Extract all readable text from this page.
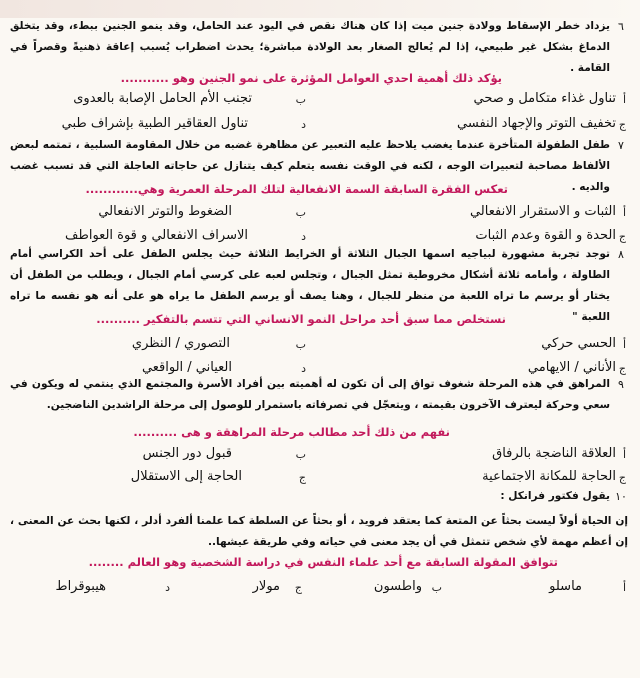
٦
يزداد خطر الإسقاط وولادة جنين ميت إذا كان هناك نقص في اليود عند الحامل، وقد ينمو الجنين ببطء، وقد يتخلق الدماغ بشكل غير طبيعي، إذا لم يُعالج الصغار بعد الولادة مباشرة؛ يحدث اضطراب يُسبب إعاقة ذهنيةً وقصراً في القامة .
يؤكد ذلك أهمية احدي العوامل المؤثرة على نمو الجنين وهو ...........
أ
تناول غذاء متكامل و صحي
ب
تجنب الأم الحامل الإصابة بالعدوى
ج
تخفيف التوتر والإجهاد النفسي
د
تناول العقاقير الطبية بإشراف طبي
٧
طفل الطفولة المتأخرة عندما يغضب يلاحظ عليه التعبير عن مظاهرة غضبه من خلال المقاومة السلبية ، تمتمه لبعض الألفاظ مصاحبة لتعبيرات الوجه ، لكنه في الوقت نفسه يتعلم كيف يتنازل عن حاجاته العاجلة التي قد تسبب غضب والديه .
تعكس الفقرة السابقة السمة الانفعالية لتلك المرحلة العمرية وهي............
أ
الثبات و الاستقرار الانفعالي
ب
الضغوط والتوتر الانفعالي
ج
الحدة و القوة وعدم الثبات
د
الاسراف الانفعالي و قوة العواطف
٨
توجد تجربة مشهورة لبياجيه اسمها الجبال الثلاثة أو الخرايط الثلاثة حيث يجلس الطفل على أحد الكراسي أمام الطاولة ، وأمامه ثلاثة أشكال مخروطية تمثل الجبال ، وتجلس لعبه على كرسي أمام الجبال ، ويطلب من الطفل أن يختار أو يرسم ما تراه اللعبة من منظر للجبال ، وهنا يصف أو يرسم الطفل ما يراه هو على أنه هو نفسه ما تراه اللعبة "
نستخلص مما سبق أحد مراحل النمو الانساني التي تتسم بالتفكير ..........
أ
الحسي حركي
ب
التصوري / النظري
ج
الأناني / الايهامي
د
العياني / الواقعي
٩
المراهق في هذه المرحلة شغوف تواق إلى أن تكون له أهميته بين أفراد الأسرة والمجتمع الذي ينتمي له ويكون في سعي وحركة ليعترف الآخرون بقيمته ، ويتعجّل في تصرفاته باستمرار للوصول إلى مرحلة الراشدين الناضجين.
نفهم من ذلك أحد مطالب مرحلة المراهقة و هى ..........
أ
العلاقة الناضجة بالرفاق
ب
قبول دور الجنس
ج
الحاجة للمكانة الاجتماعية
ج
الحاجة إلى الاستقلال
١٠
يقول فكتور فرانكل :
إن الحياة أولاً ليست بحثاً عن المتعة كما يعتقد فرويد ، أو بحثاً عن السلطة كما علمنا ألفرد أدلر ، لكنها بحث عن المعنى ، إن أعظم مهمة لأي شخص تتمثل في أن يجد معنى في حياته وفي طريقة عيشها..
تتوافق المقولة السابقة مع أحد علماء النفس في دراسة الشخصية وهو العالم ........
أ
ماسلو
ب
واطسون
ج
مولار
د
هيبوقراط
